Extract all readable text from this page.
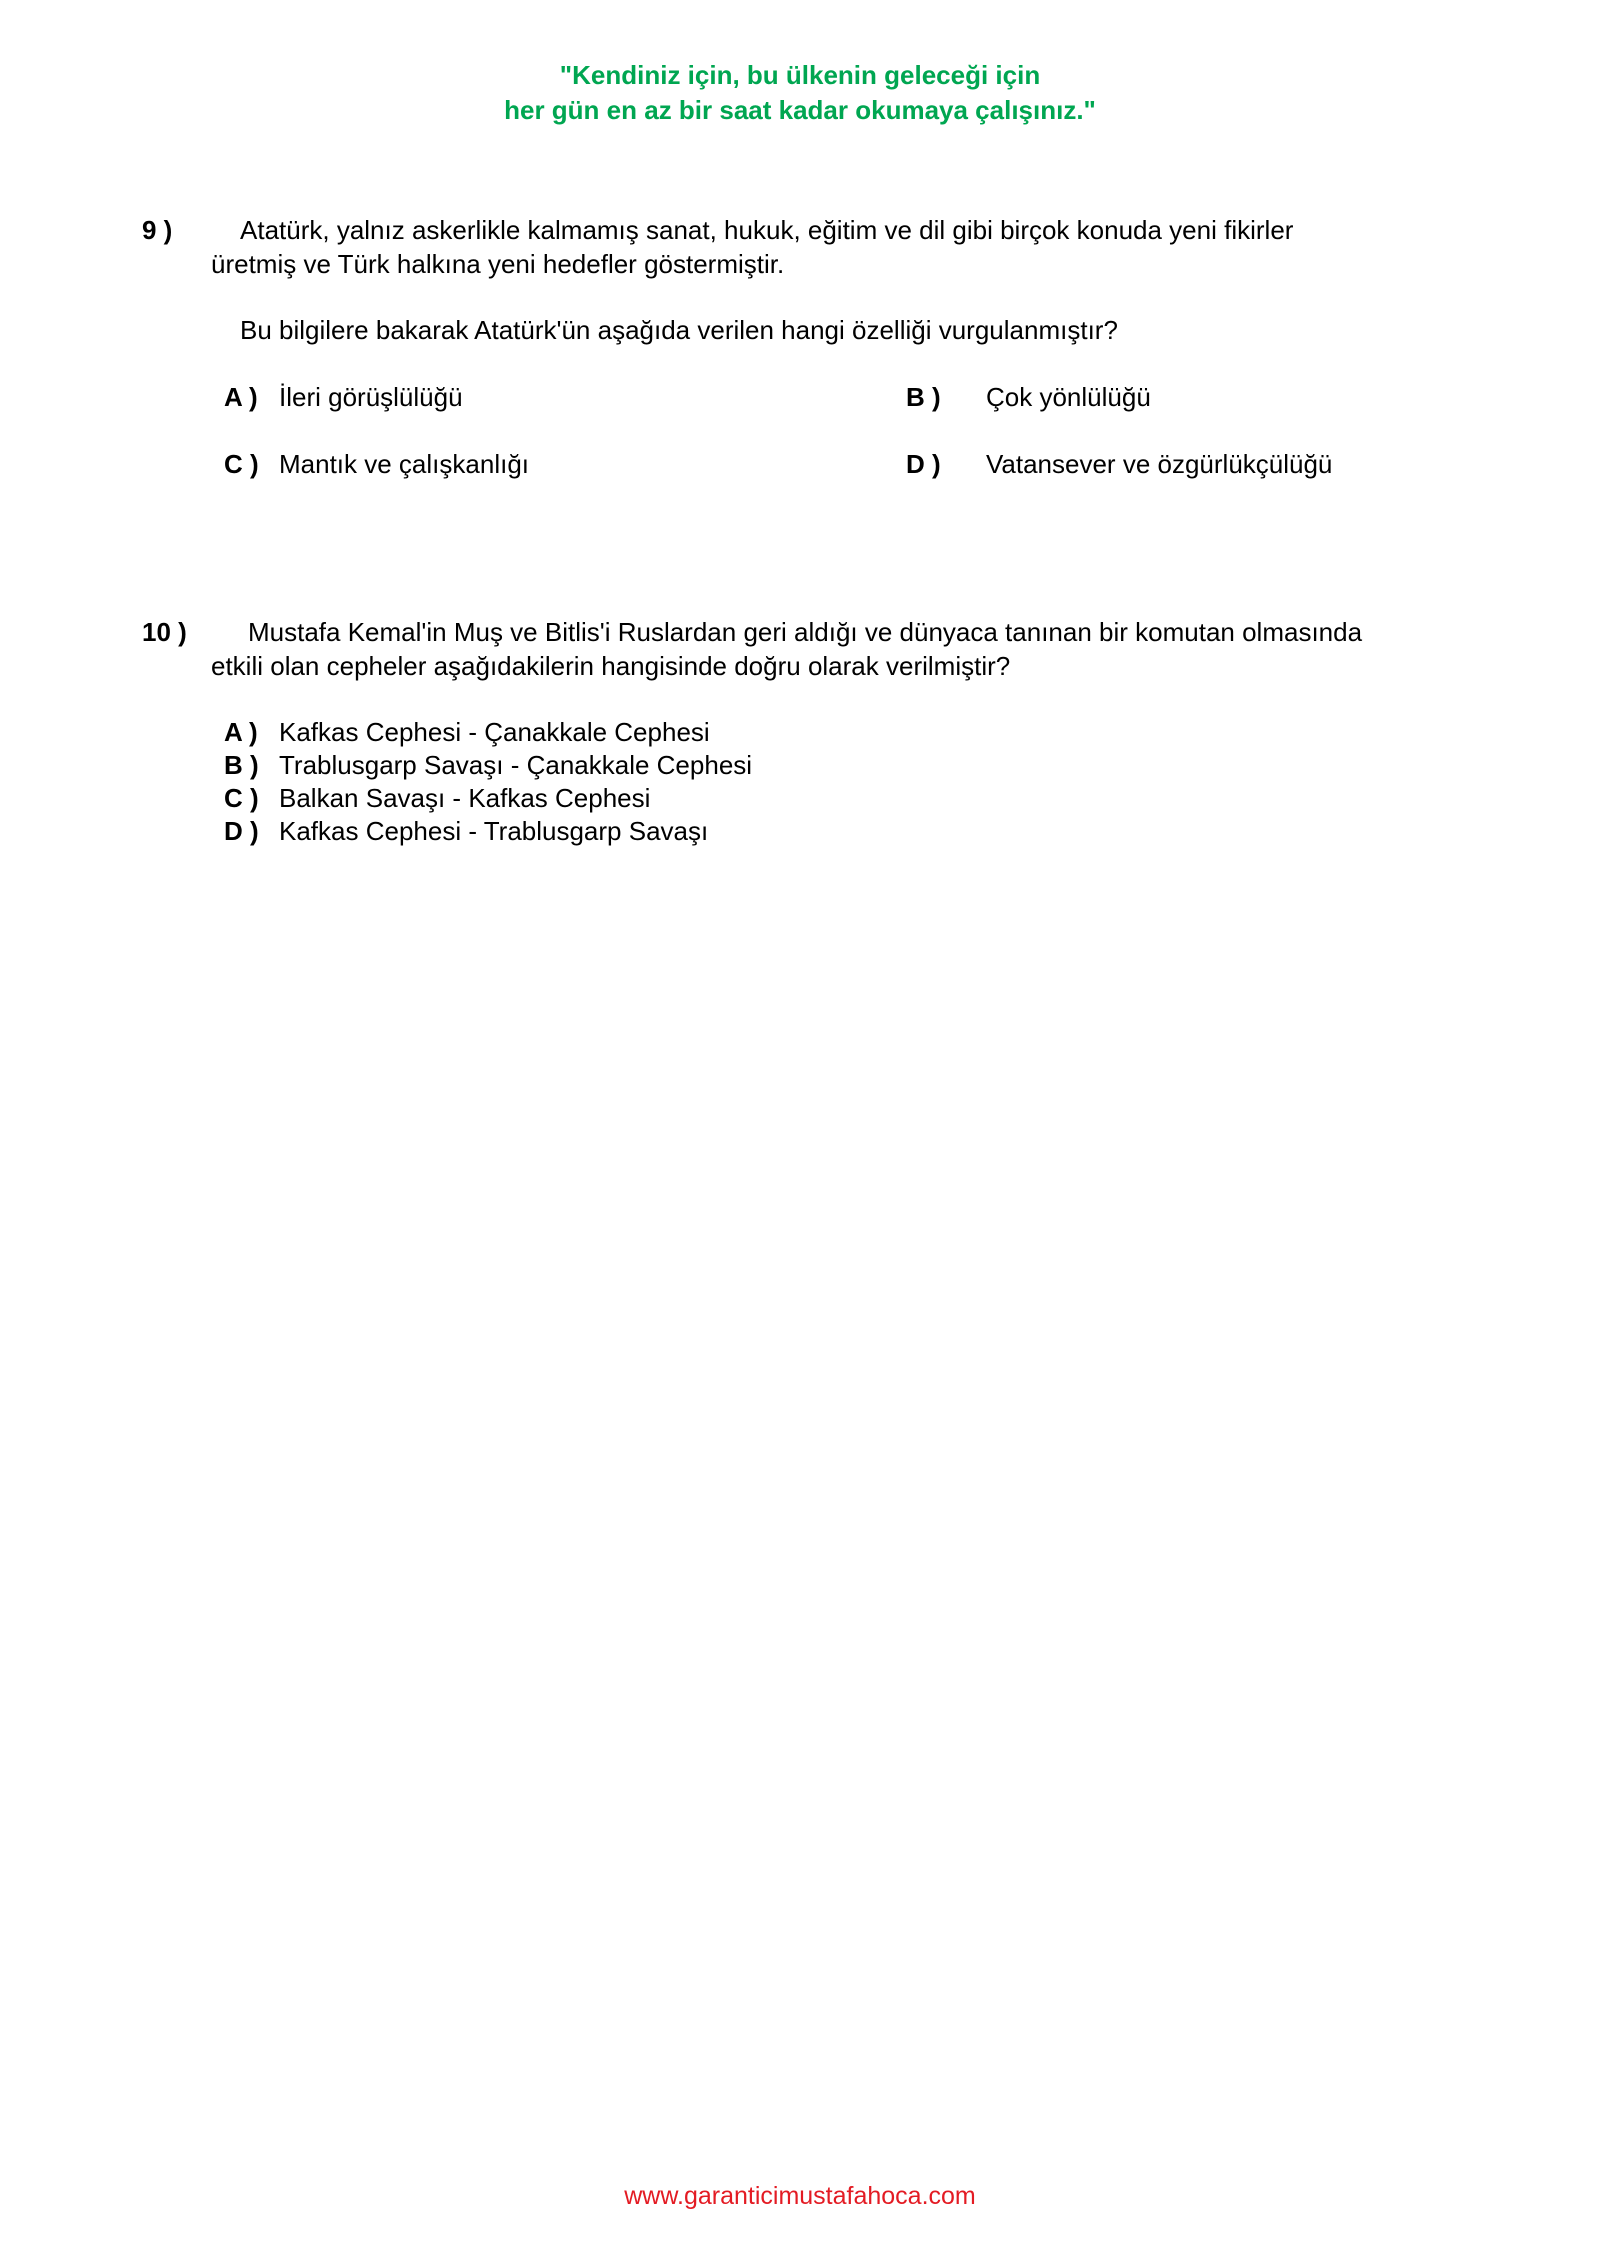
"Kendiniz için, bu ülkenin geleceği için
her gün en az bir saat kadar okumaya çalışınız."
9 )	Atatürk, yalnız askerlikle kalmamış sanat, hukuk, eğitim ve dil gibi birçok konuda yeni fikirler
üretmiş ve Türk halkına yeni hedefler göstermiştir.
Bu bilgilere bakarak Atatürk'ün aşağıda verilen hangi özelliği vurgulanmıştır?
A ) İleri görüşlülüğü	B ) Çok yönlülüğü
C ) Mantık ve çalışkanlığı	D ) Vatansever ve özgürlükçülüğü
10 ) Mustafa Kemal'in Muş ve Bitlis'i Ruslardan geri aldığı ve dünyaca tanınan bir komutan olmasında
etkili olan cepheler aşağıdakilerin hangisinde doğru olarak verilmiştir?
A ) Kafkas Cephesi - Çanakkale Cephesi
B ) Trablusgarp Savaşı - Çanakkale Cephesi
C ) Balkan Savaşı - Kafkas Cephesi
D ) Kafkas Cephesi - Trablusgarp Savaşı
www.garanticimustafahoca.com
